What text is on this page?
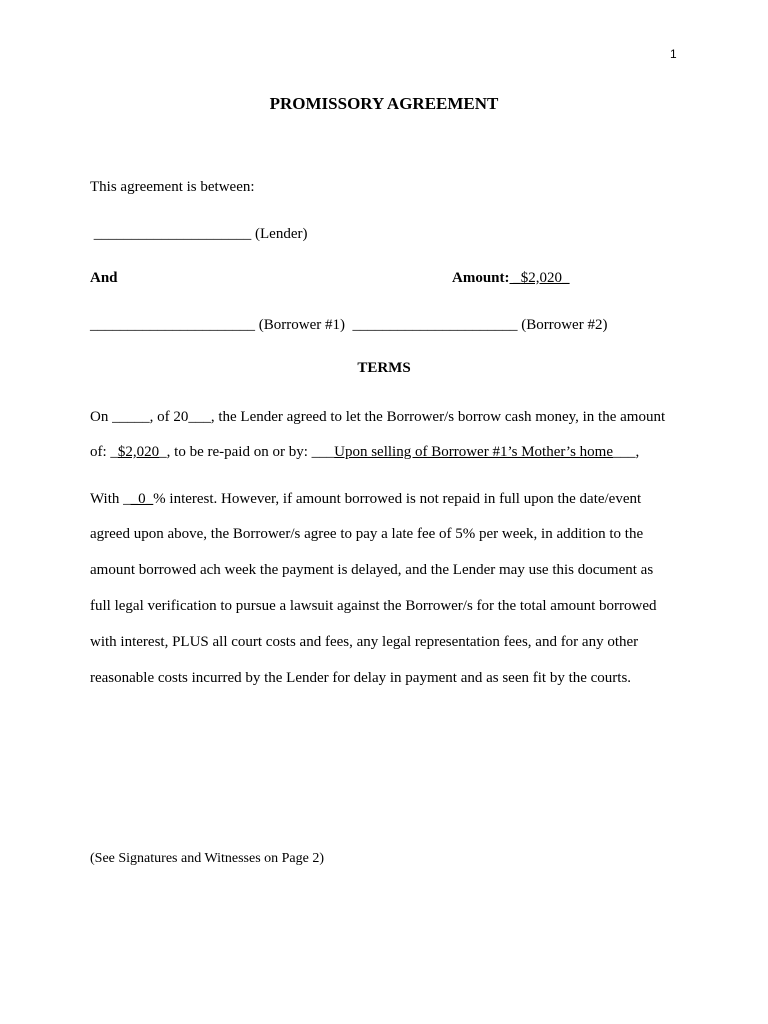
1
PROMISSORY AGREEMENT
This agreement is between:
_____________________ (Lender)
And	Amount: _$2,020_
______________________ (Borrower #1)  ______________________ (Borrower #2)
TERMS
On _____, of 20___, the Lender agreed to let the Borrower/s borrow cash money, in the amount
of: _$2,020_, to be re-paid on or by: ___Upon selling of Borrower #1’s Mother’s home___,
With __0_% interest. However, if amount borrowed is not repaid in full upon the date/event
agreed upon above, the Borrower/s agree to pay a late fee of 5% per week, in addition to the
amount borrowed ach week the payment is delayed, and the Lender may use this document as
full legal verification to pursue a lawsuit against the Borrower/s for the total amount borrowed
with interest, PLUS all court costs and fees, any legal representation fees, and for any other
reasonable costs incurred by the Lender for delay in payment and as seen fit by the courts.
(See Signatures and Witnesses on Page 2)
